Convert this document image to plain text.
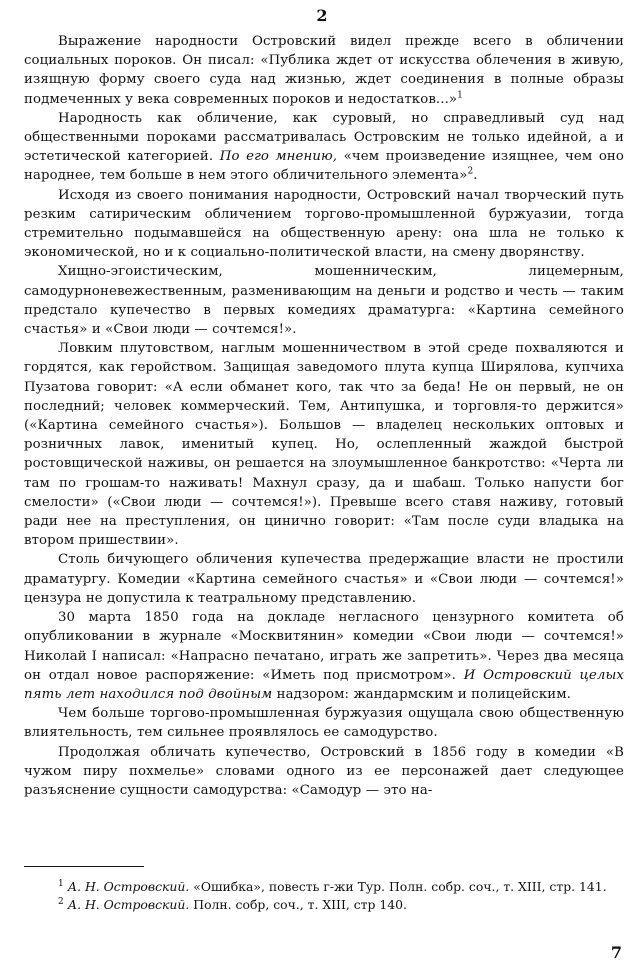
2

Выражение народности Островский видел прежде всего в обличении социальных пороков. Он писал: «Публика ждет от искусства облечения в живую, изящную форму своего суда над жизнью, ждет соединения в полные образы подмеченных у века современных пороков и недостатков...»$^1$

Народность как обличение, как суровый, но справедливый суд над общественными пороками рассматривалась Островским не только идейной, а и эстетической категорией. По его мнению, «чем произведение изящнее, чем оно народнее, тем больше в нем этого обличительного элемента»$^2$.

Исходя из своего понимания народности, Островский начал творческий путь резким сатирическим обличением торгово-промышленной буржуазии, тогда стремительно подымавшейся на общественную арену: она шла не только к экономической, но и к социально-политической власти, на смену дворянству.

Хищно-эгоистическим, мошенническим, лицемерным, самодурноневежественным, разменивающим на деньги и родство и честь — таким предстало купечество в первых комедиях драматурга: «Картина семейного счастья» и «Свои люди — сочтемся!».

Ловким плутовством, наглым мошенничеством в этой среде похваляются и гордятся, как геройством. Защищая заведомого плута купца Ширялова, купчиха Пузатова говорит: «А если обманет кого, так что за беда! Не он первый, не он последний; человек коммерческий. Тем, Антипушка, и торговля-то держится» («Картина семейного счастья»). Большов — владелец нескольких оптовых и розничных лавок, именитый купец. Но, ослепленный жаждой быстрой ростовщической наживы, он решается на злоумышленное банкротство: «Черта ли там по грошам-то наживать! Махнул сразу, да и шабаш. Только напусти бог смелости» («Свои люди — сочтемся!»). Превыше всего ставя наживу, готовый ради нее на преступления, он цинично говорит: «Там после суди владыка на втором пришествии».

Столь бичующего обличения купечества предержащие власти не простили драматургу. Комедии «Картина семейного счастья» и «Свои люди — сочтемся!» цензура не допустила к театральному представлению.

30 марта 1850 года на докладе негласного цензурного комитета об опубликовании в журнале «Москвитянин» комедии «Свои люди — сочтемся!» Николай I написал: «Напрасно печатано, играть же запретить». Через два месяца он отдал новое распоряжение: «Иметь под присмотром». И Островский целых пять лет находился под двойным надзором: жандармским и полицейским.

Чем больше торгово-промышленная буржуазия ощущала свою общественную влиятельность, тем сильнее проявлялось ее самодурство.

Продолжая обличать купечество, Островский в 1856 году в комедии «В чужом пиру похмелье» словами одного из ее персонажей дает следующее разъяснение сущности самодурства: «Самодур — это на-

$^1$ А. Н. Островский. «Ошибка», повесть г-жи Тур. Полн. собр. соч., т. XIII, стр. 141.

$^2$ А. Н. Островский. Полн. собр, соч., т. XIII, стр 140.

7
